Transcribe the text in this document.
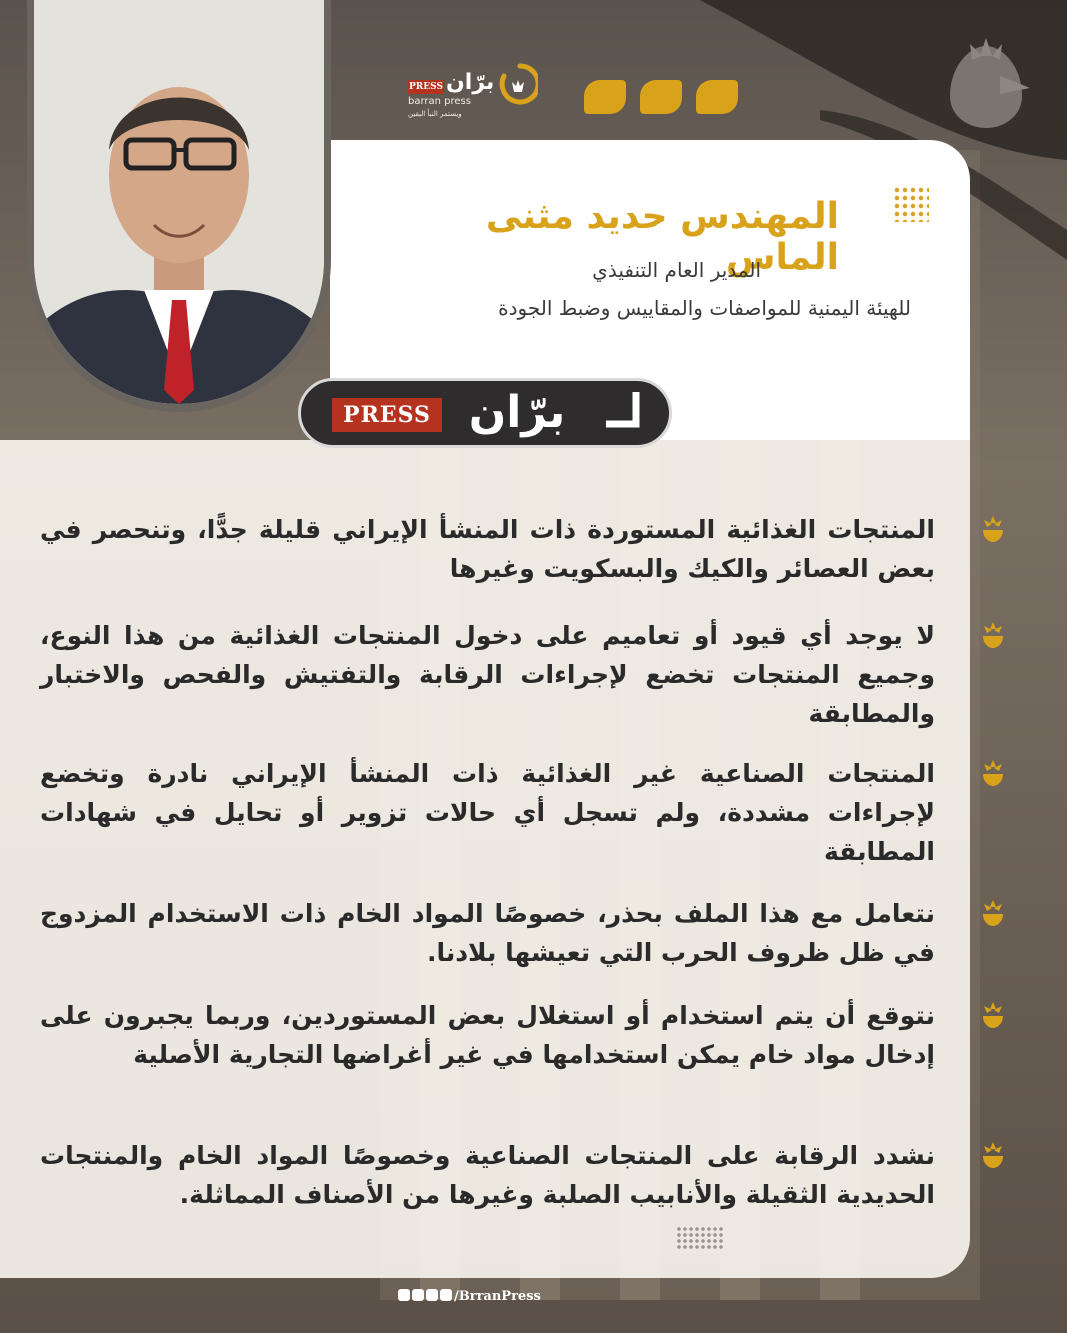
PRESS برّان
barran press
ويستمر النبأ اليقين
المهندس حديد مثنى الماس
المدير العام التنفيذي
للهيئة اليمنية للمواصفات والمقاييس وضبط الجودة
PRESS برّان

المنتجات الغذائية المستوردة ذات المنشأ الإيراني قليلة جدًّا، وتنحصر في بعض العصائر والكيك والبسكويت وغيرها

لا يوجد أي قيود أو تعاميم على دخول المنتجات الغذائية من هذا النوع، وجميع المنتجات تخضع لإجراءات الرقابة والتفتيش والفحص والاختبار والمطابقة

المنتجات الصناعية غير الغذائية ذات المنشأ الإيراني نادرة وتخضع لإجراءات مشددة، ولم تسجل أي حالات تزوير أو تحايل في شهادات المطابقة

نتعامل مع هذا الملف بحذر، خصوصًا المواد الخام ذات الاستخدام المزدوج في ظل ظروف الحرب التي تعيشها بلادنا.

نتوقع أن يتم استخدام أو استغلال بعض المستوردين، وربما يجبرون على إدخال مواد خام يمكن استخدامها في غير أغراضها التجارية الأصلية

نشدد الرقابة على المنتجات الصناعية وخصوصًا المواد الخام والمنتجات الحديدية الثقيلة والأنابيب الصلبة وغيرها من الأصناف المماثلة.

/BrranPress
